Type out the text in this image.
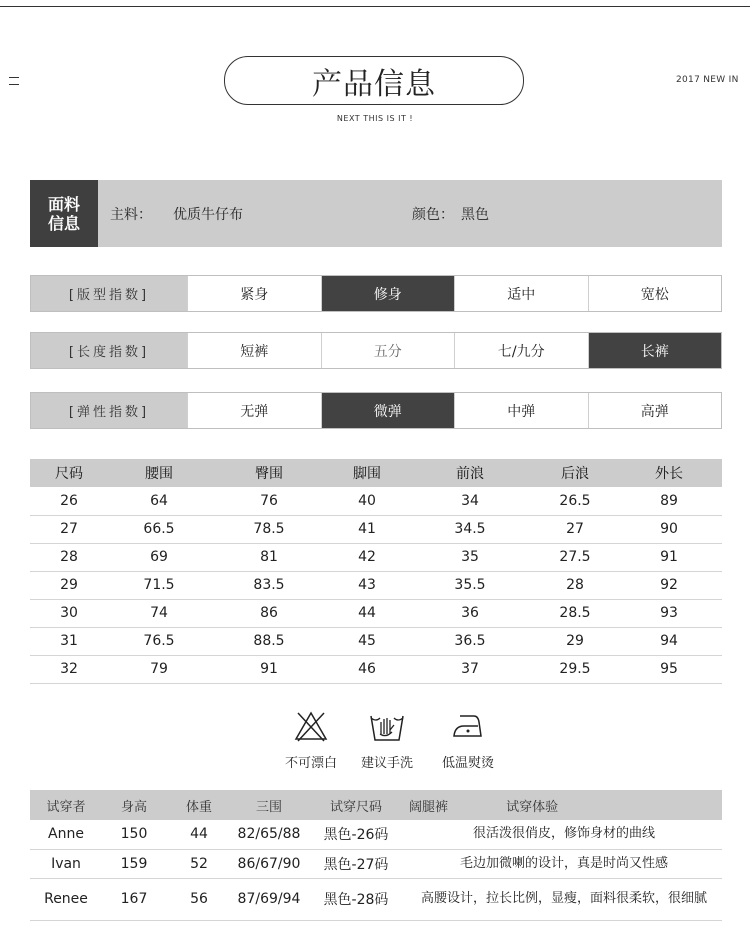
产品信息
NEXT THIS IS IT !
2017 NEW IN
面料
信息 主料： 优质牛仔布	颜色： 黑色
[版型指数]	紧身	修身	适中	宽松
[长度指数]	短裤	五分	七/九分	长裤
[弹性指数]	无弹	微弹	中弹	高弹
尺码	腰围	臀围	脚围	前浪	后浪	外长
26	64	76	40	34	26.5	89
27	66.5	78.5	41	34.5	27	90
28	69	81	42	35	27.5	91
29	71.5	83.5	43	35.5	28	92
30	74	86	44	36	28.5	93
31	76.5	88.5	45	36.5	29	94
32	79	91	46	37	29.5	95
不可漂白	建议手洗	低温熨烫
试穿者	身高	体重	三围	试穿尺码	阔腿裤 试穿体验
Anne	150	44	82/65/88	黑色-26码	很活泼很俏皮，修饰身材的曲线
Ivan	159	52	86/67/90	黑色-27码	毛边加微喇的设计，真是时尚又性感
Renee	167	56	87/69/94	黑色-28码	高腰设计，拉长比例，显瘦，面料很柔软，很细腻
